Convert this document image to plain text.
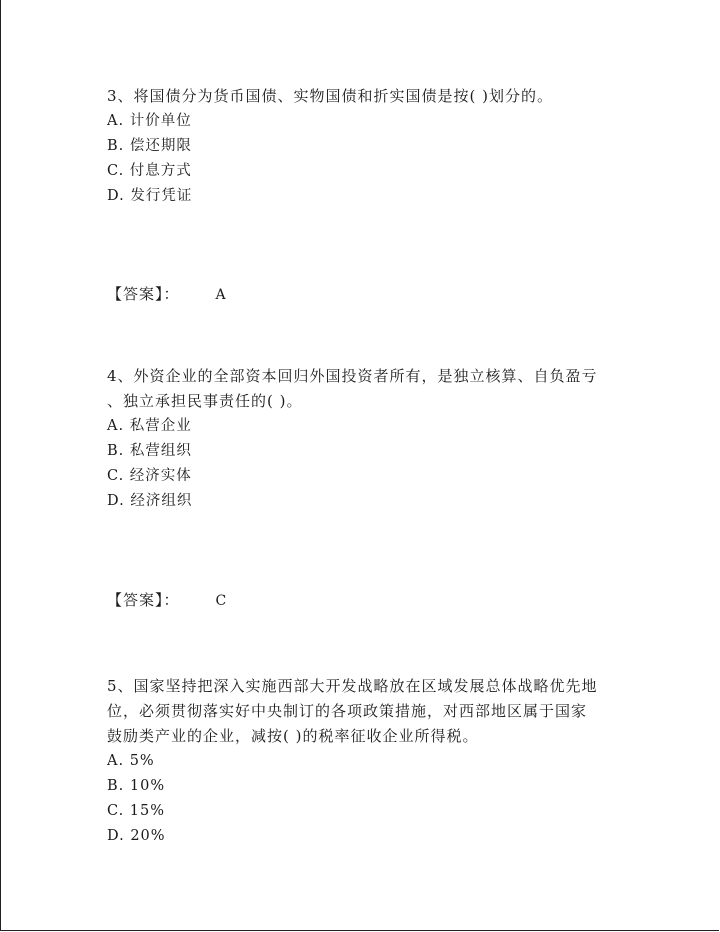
3、将国债分为货币国债、实物国债和折实国债是按( )划分的。

A. 计价单位
B. 偿还期限
C. 付息方式
D. 发行凭证
【答案】：	A

4、外资企业的全部资本回归外国投资者所有，是独立核算、自负盈亏

、独立承担民事责任的( )。

A. 私营企业
B. 私营组织
C. 经济实体
D. 经济组织
【答案】：	C

5、国家坚持把深入实施西部大开发战略放在区域发展总体战略优先地

位，必须贯彻落实好中央制订的各项政策措施，对西部地区属于国家

鼓励类产业的企业，减按( )的税率征收企业所得税。

A. 5%
B. 10%
C. 15%
D. 20%
